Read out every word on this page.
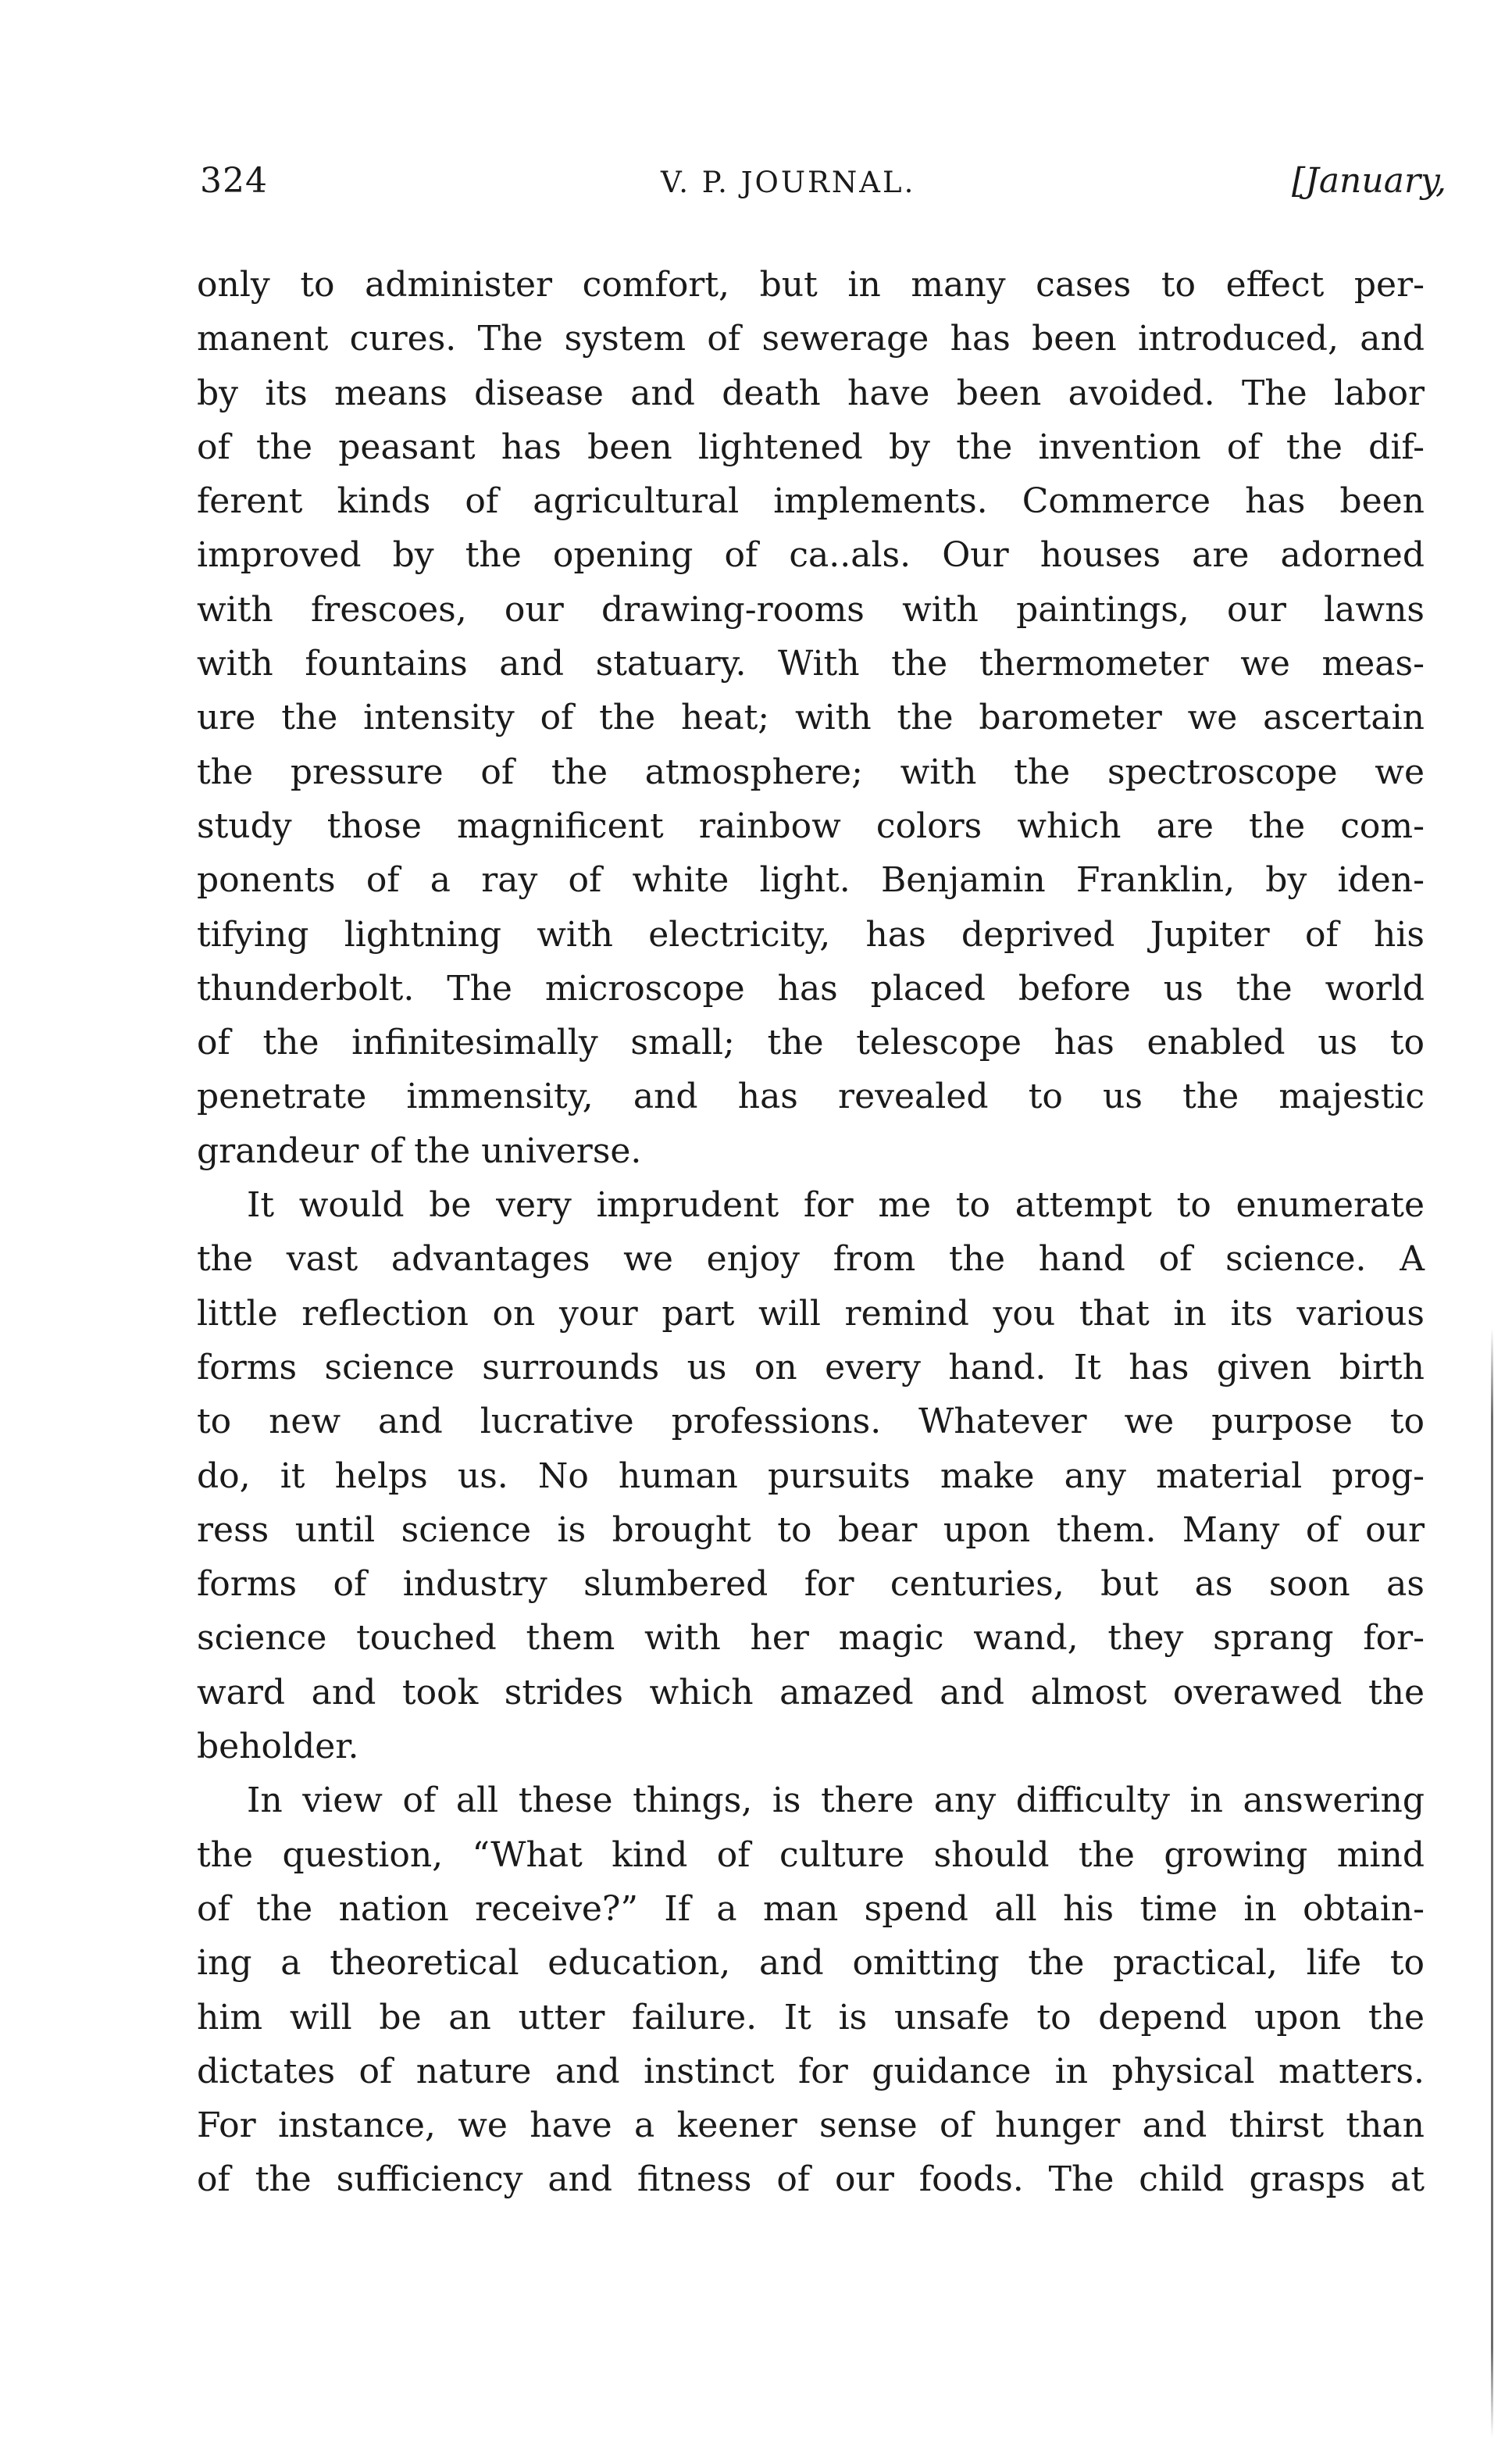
324	V. P. JOURNAL.	[January,
only to administer comfort, but in many cases to effect per-
manent cures. The system of sewerage has been introduced, and
by its means disease and death have been avoided. The labor
of the peasant has been lightened by the invention of the dif-
ferent kinds of agricultural implements. Commerce has been
improved by the opening of ca..als. Our houses are adorned
with frescoes, our drawing-rooms with paintings, our lawns
with fountains and statuary. With the thermometer we meas-
ure the intensity of the heat; with the barometer we ascertain
the pressure of the atmosphere; with the spectroscope we
study those magnificent rainbow colors which are the com-
ponents of a ray of white light. Benjamin Franklin, by iden-
tifying lightning with electricity, has deprived Jupiter of his
thunderbolt. The microscope has placed before us the world
of the infinitesimally small; the telescope has enabled us to
penetrate immensity, and has revealed to us the majestic
grandeur of the universe.
It would be very imprudent for me to attempt to enumerate
the vast advantages we enjoy from the hand of science. A
little reflection on your part will remind you that in its various
forms science surrounds us on every hand. It has given birth
to new and lucrative professions. Whatever we purpose to
do, it helps us. No human pursuits make any material prog-
ress until science is brought to bear upon them. Many of our
forms of industry slumbered for centuries, but as soon as
science touched them with her magic wand, they sprang for-
ward and took strides which amazed and almost overawed the
beholder.
In view of all these things, is there any difficulty in answering
the question, “What kind of culture should the growing mind
of the nation receive?” If a man spend all his time in obtain-
ing a theoretical education, and omitting the practical, life to
him will be an utter failure. It is unsafe to depend upon the
dictates of nature and instinct for guidance in physical matters.
For instance, we have a keener sense of hunger and thirst than
of the sufficiency and fitness of our foods. The child grasps at
